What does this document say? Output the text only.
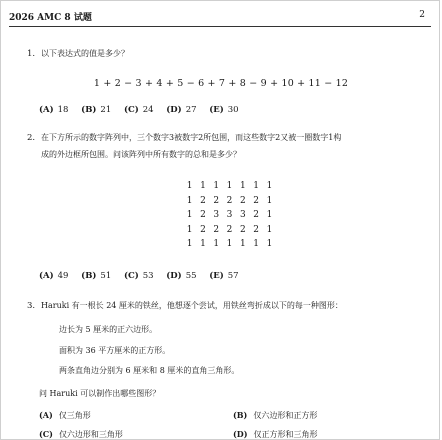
2026 AMC 8 试题	2
1. 以下表达式的值是多少？
1 + 2 − 3 + 4 + 5 − 6 + 7 + 8 − 9 + 10 + 11 − 12
(A) 18 (B) 21 (C) 24 (D) 27 (E) 30
2. 在下方所示的数字阵列中，三个数字3被数字2所包围，而这些数字2又被一圈数字1构
成的外边框所包围。问该阵列中所有数字的总和是多少？
1 1 1 1 1 1 1
1 2 2 2 2 2 1
1 2 3 3 3 2 1
1 2 2 2 2 2 1
1 1 1 1 1 1 1
(A) 49 (B) 51 (C) 53 (D) 55 (E) 57
3. Haruki 有一根长 24 厘米的铁丝，他想逐个尝试，用铁丝弯折成以下的每一种图形：
边长为 5 厘米的正六边形。
面积为 36 平方厘米的正方形。
两条直角边分别为 6 厘米和 8 厘米的直角三角形。
问 Haruki 可以制作出哪些图形？
(A) 仅三角形	(B) 仅六边形和正方形
(C) 仅六边形和三角形	(D) 仅正方形和三角形
